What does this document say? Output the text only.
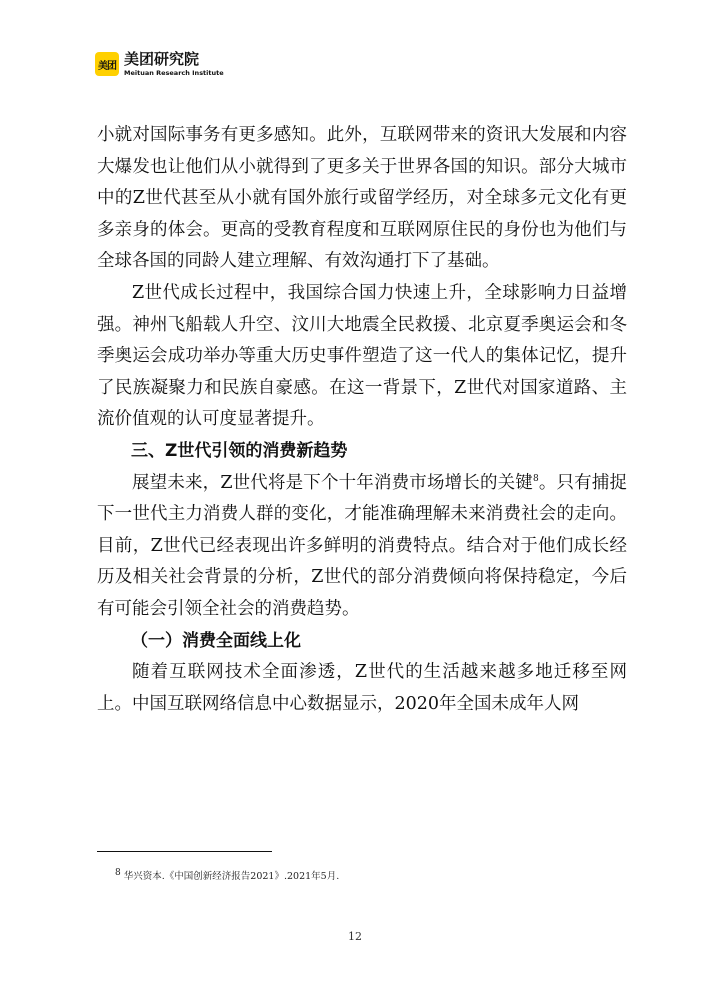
美团 美团研究院
Meituan Research Institute

小就对国际事务有更多感知。此外，互联网带来的资讯大发展和内容大爆发也让他们从小就得到了更多关于世界各国的知识。部分大城市中的Z世代甚至从小就有国外旅行或留学经历，对全球多元文化有更多亲身的体会。更高的受教育程度和互联网原住民的身份也为他们与全球各国的同龄人建立理解、有效沟通打下了基础。

Z世代成长过程中，我国综合国力快速上升，全球影响力日益增强。神州飞船载人升空、汶川大地震全民救援、北京夏季奥运会和冬季奥运会成功举办等重大历史事件塑造了这一代人的集体记忆，提升了民族凝聚力和民族自豪感。在这一背景下，Z世代对国家道路、主流价值观的认可度显著提升。

三、Z世代引领的消费新趋势

展望未来，Z世代将是下个十年消费市场增长的关键$^8$。只有捕捉下一世代主力消费人群的变化，才能准确理解未来消费社会的走向。目前，Z世代已经表现出许多鲜明的消费特点。结合对于他们成长经历及相关社会背景的分析，Z世代的部分消费倾向将保持稳定，今后有可能会引领全社会的消费趋势。

（一）消费全面线上化

随着互联网技术全面渗透，Z世代的生活越来越多地迁移至网上。中国互联网络信息中心数据显示，2020年全国未成年人网

$^8$ 华兴资本.《中国创新经济报告2021》.2021年5月.
12
